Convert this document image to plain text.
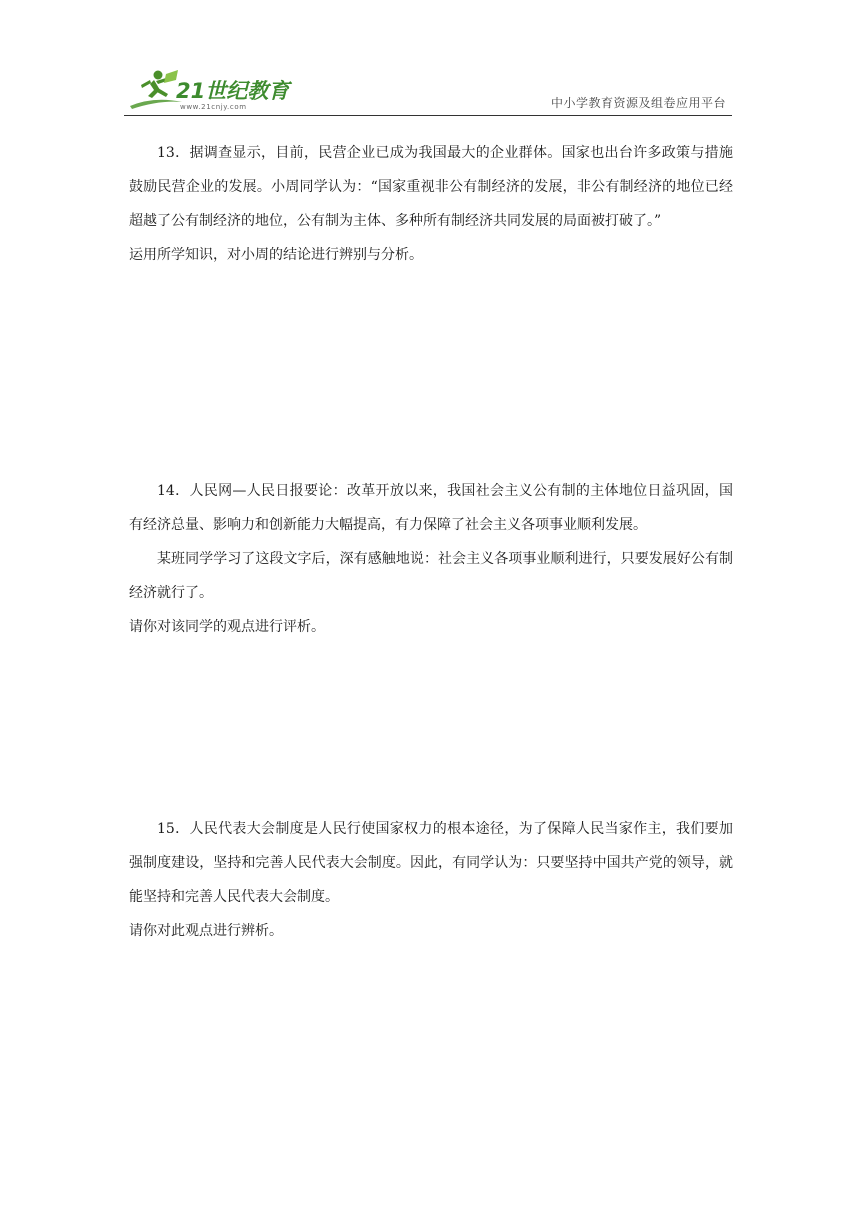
21世纪教育
www.21cnjy.com	中小学教育资源及组卷应用平台

13．据调查显示，目前，民营企业已成为我国最大的企业群体。国家也出台许多政策与措施鼓励民营企业的发展。小周同学认为：“国家重视非公有制经济的发展，非公有制经济的地位已经超越了公有制经济的地位，公有制为主体、多种所有制经济共同发展的局面被打破了。”

运用所学知识，对小周的结论进行辨别与分析。

14．人民网—人民日报要论：改革开放以来，我国社会主义公有制的主体地位日益巩固，国有经济总量、影响力和创新能力大幅提高，有力保障了社会主义各项事业顺利发展。

某班同学学习了这段文字后，深有感触地说：社会主义各项事业顺利进行，只要发展好公有制经济就行了。

请你对该同学的观点进行评析。

15．人民代表大会制度是人民行使国家权力的根本途径，为了保障人民当家作主，我们要加强制度建设，坚持和完善人民代表大会制度。因此，有同学认为：只要坚持中国共产党的领导，就能坚持和完善人民代表大会制度。

请你对此观点进行辨析。
